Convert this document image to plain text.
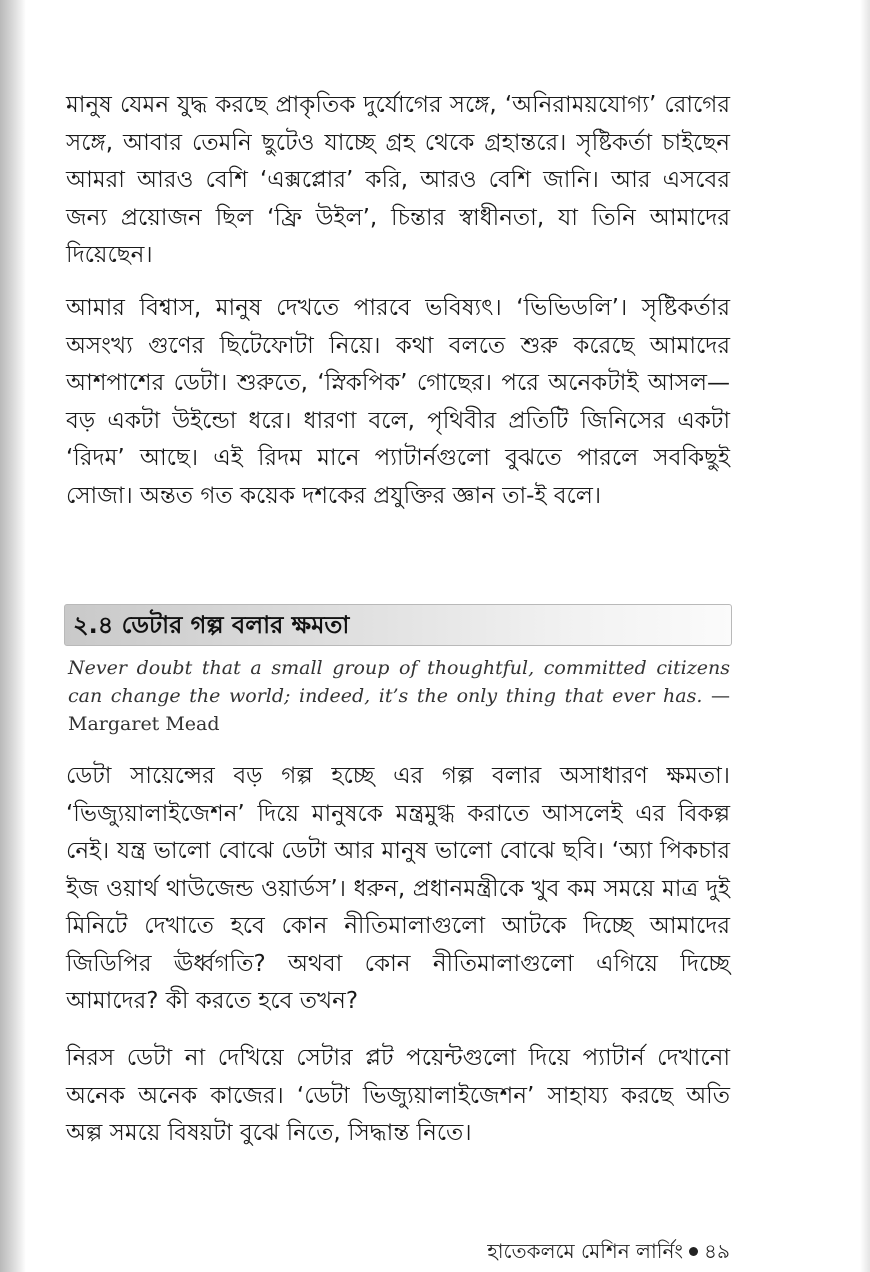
মানুষ যেমন যুদ্ধ করছে প্রাকৃতিক দুর্যোগের সঙ্গে, ‘অনিরাময়যোগ্য’ রোগের সঙ্গে, আবার তেমনি ছুটেও যাচ্ছে গ্রহ থেকে গ্রহান্তরে। সৃষ্টিকর্তা চাইছেন আমরা আরও বেশি ‘এক্সপ্লোর’ করি, আরও বেশি জানি। আর এসবের জন্য প্রয়োজন ছিল ‘ফ্রি উইল’, চিন্তার স্বাধীনতা, যা তিনি আমাদের দিয়েছেন।

আমার বিশ্বাস, মানুষ দেখতে পারবে ভবিষ্যৎ। ‘ভিভিডলি’। সৃষ্টিকর্তার অসংখ্য গুণের ছিটেফোটা নিয়ে। কথা বলতে শুরু করেছে আমাদের আশপাশের ডেটা। শুরুতে, ‘স্নিকপিক’ গোছের। পরে অনেকটাই আসল—বড় একটা উইন্ডো ধরে। ধারণা বলে, পৃথিবীর প্রতিটি জিনিসের একটা ‘রিদম’ আছে। এই রিদম মানে প্যাটার্নগুলো বুঝতে পারলে সবকিছুই সোজা। অন্তত গত কয়েক দশকের প্রযুক্তির জ্ঞান তা-ই বলে।

২.৪ ডেটার গল্প বলার ক্ষমতা

Never doubt that a small group of thoughtful, committed citizens can change the world; indeed, it’s the only thing that ever has. — Margaret Mead

ডেটা সায়েন্সের বড় গল্প হচ্ছে এর গল্প বলার অসাধারণ ক্ষমতা। ‘ভিজ্যুয়ালাইজেশন’ দিয়ে মানুষকে মন্ত্রমুগ্ধ করাতে আসলেই এর বিকল্প নেই। যন্ত্র ভালো বোঝে ডেটা আর মানুষ ভালো বোঝে ছবি। ‘অ্যা পিকচার ইজ ওয়ার্থ থাউজেন্ড ওয়ার্ডস’। ধরুন, প্রধানমন্ত্রীকে খুব কম সময়ে মাত্র দুই মিনিটে দেখাতে হবে কোন নীতিমালাগুলো আটকে দিচ্ছে আমাদের জিডিপির ঊর্ধ্বগতি? অথবা কোন নীতিমালাগুলো এগিয়ে দিচ্ছে আমাদের? কী করতে হবে তখন?

নিরস ডেটা না দেখিয়ে সেটার প্লট পয়েন্টগুলো দিয়ে প্যাটার্ন দেখানো অনেক অনেক কাজের। ‘ডেটা ভিজ্যুয়ালাইজেশন’ সাহায্য করছে অতি অল্প সময়ে বিষয়টা বুঝে নিতে, সিদ্ধান্ত নিতে।

হাতেকলমে মেশিন লার্নিং ৪৯
